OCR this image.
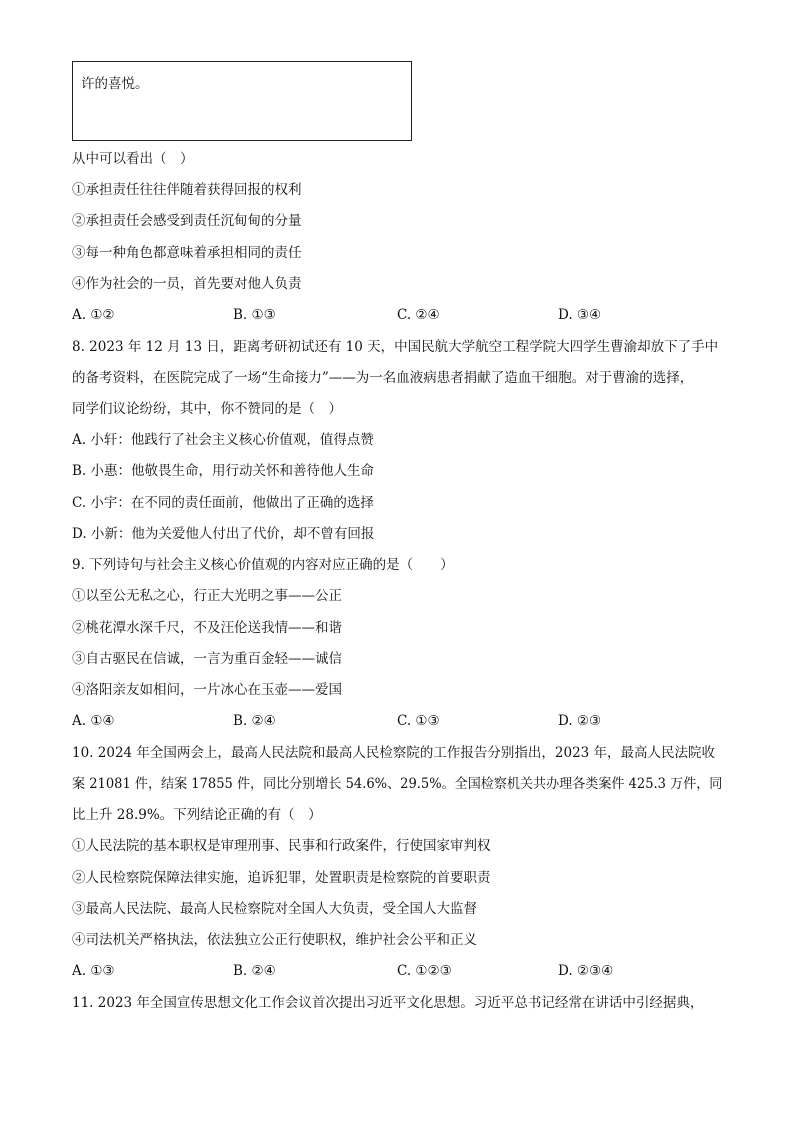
许的喜悦。
从中可以看出（　）
①承担责任往往伴随着获得回报的权利
②承担责任会感受到责任沉甸甸的分量
③每一种角色都意味着承担相同的责任
④作为社会的一员，首先要对他人负责
A. ①②	B. ①③	C. ②④	D. ③④
8. 2023 年 12 月 13 日，距离考研初试还有 10 天，中国民航大学航空工程学院大四学生曹渝却放下了手中
的备考资料，在医院完成了一场“生命接力”——为一名血液病患者捐献了造血干细胞。对于曹渝的选择，
同学们议论纷纷，其中，你不赞同的是（　）
A. 小轩：他践行了社会主义核心价值观，值得点赞
B. 小惠：他敬畏生命，用行动关怀和善待他人生命
C. 小宇：在不同的责任面前，他做出了正确的选择
D. 小新：他为关爱他人付出了代价，却不曾有回报
9. 下列诗句与社会主义核心价值观的内容对应正确的是（　　）
①以至公无私之心，行正大光明之事——公正
②桃花潭水深千尺，不及汪伦送我情——和谐
③自古驱民在信诚，一言为重百金轻——诚信
④洛阳亲友如相问，一片冰心在玉壶——爱国
A. ①④	B. ②④	C. ①③	D. ②③
10. 2024 年全国两会上，最高人民法院和最高人民检察院的工作报告分别指出，2023 年，最高人民法院收
案 21081 件，结案 17855 件，同比分别增长 54.6%、29.5%。全国检察机关共办理各类案件 425.3 万件，同
比上升 28.9%。下列结论正确的有（　）
①人民法院的基本职权是审理刑事、民事和行政案件，行使国家审判权
②人民检察院保障法律实施，追诉犯罪，处置职责是检察院的首要职责
③最高人民法院、最高人民检察院对全国人大负责，受全国人大监督
④司法机关严格执法，依法独立公正行使职权，维护社会公平和正义
A. ①③	B. ②④	C. ①②③	D. ②③④
11. 2023 年全国宣传思想文化工作会议首次提出习近平文化思想。习近平总书记经常在讲话中引经据典，
